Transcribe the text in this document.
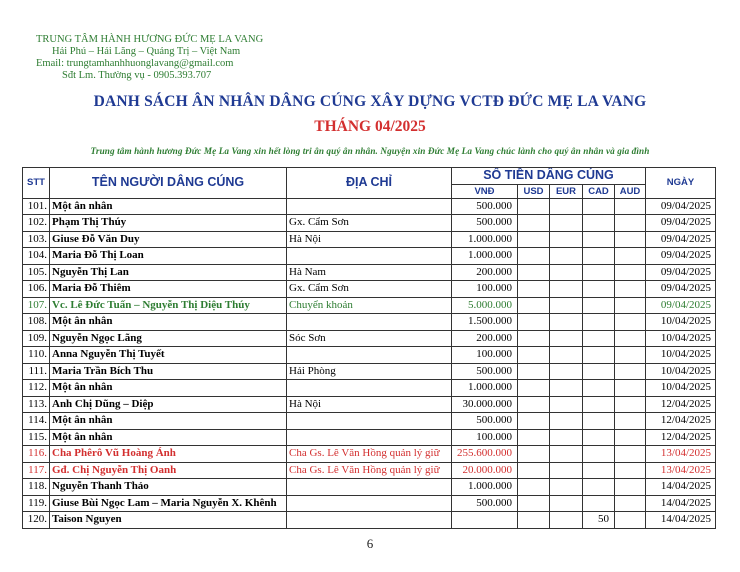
TRUNG TÂM HÀNH HƯƠNG ĐỨC MẸ LA VANG
Hải Phú – Hải Lăng – Quảng Trị – Việt Nam
Email: trungtamhanhhuonglavang@gmail.com
Sđt Lm. Thường vụ - 0905.393.707
DANH SÁCH ÂN NHÂN DÂNG CÚNG XÂY DỰNG VCTĐ ĐỨC MẸ LA VANG
THÁNG 04/2025
Trung tâm hành hương Đức Mẹ La Vang xin hết lòng tri ân quý ân nhân. Nguyện xin Đức Mẹ La Vang chúc lành cho quý ân nhân và gia đình
STT	TÊN NGƯỜI DÂNG CÚNG	ĐỊA CHỈ	SỐ TIỀN DÂNG CÚNG					NGÀY
			VNĐ	USD	EUR	CAD	AUD	
101.	Một ân nhân		500.000					09/04/2025
102.	Phạm Thị Thúy	Gx. Cẩm Sơn	500.000					09/04/2025
103.	Giuse Đỗ Văn Duy	Hà Nội	1.000.000					09/04/2025
104.	Maria Đỗ Thị Loan		1.000.000					09/04/2025
105.	Nguyễn Thị Lan	Hà Nam	200.000					09/04/2025
106.	Maria Đỗ Thiêm	Gx. Cẩm Sơn	100.000					09/04/2025
107.	Vc. Lê Đức Tuấn – Nguyễn Thị Diệu Thúy	Chuyển khoản	5.000.000					09/04/2025
108.	Một ân nhân		1.500.000					10/04/2025
109.	Nguyễn Ngọc Lãng	Sóc Sơn	200.000					10/04/2025
110.	Anna Nguyễn Thị Tuyết		100.000					10/04/2025
111.	Maria Trần Bích Thu	Hải Phòng	500.000					10/04/2025
112.	Một ân nhân		1.000.000					10/04/2025
113.	Anh Chị Dũng – Diệp	Hà Nội	30.000.000					12/04/2025
114.	Một ân nhân		500.000					12/04/2025
115.	Một ân nhân		100.000					12/04/2025
116.	Cha Phêrô Vũ Hoàng Ánh	Cha Gs. Lê Văn Hồng quản lý giữ	255.600.000					13/04/2025
117.	Gđ. Chị Nguyễn Thị Oanh	Cha Gs. Lê Văn Hồng quản lý giữ	20.000.000					13/04/2025
118.	Nguyễn Thanh Thảo		1.000.000					14/04/2025
119.	Giuse Bùi Ngọc Lam – Maria Nguyễn X. Khênh		500.000					14/04/2025
120.	Taison Nguyen					50		14/04/2025
6
